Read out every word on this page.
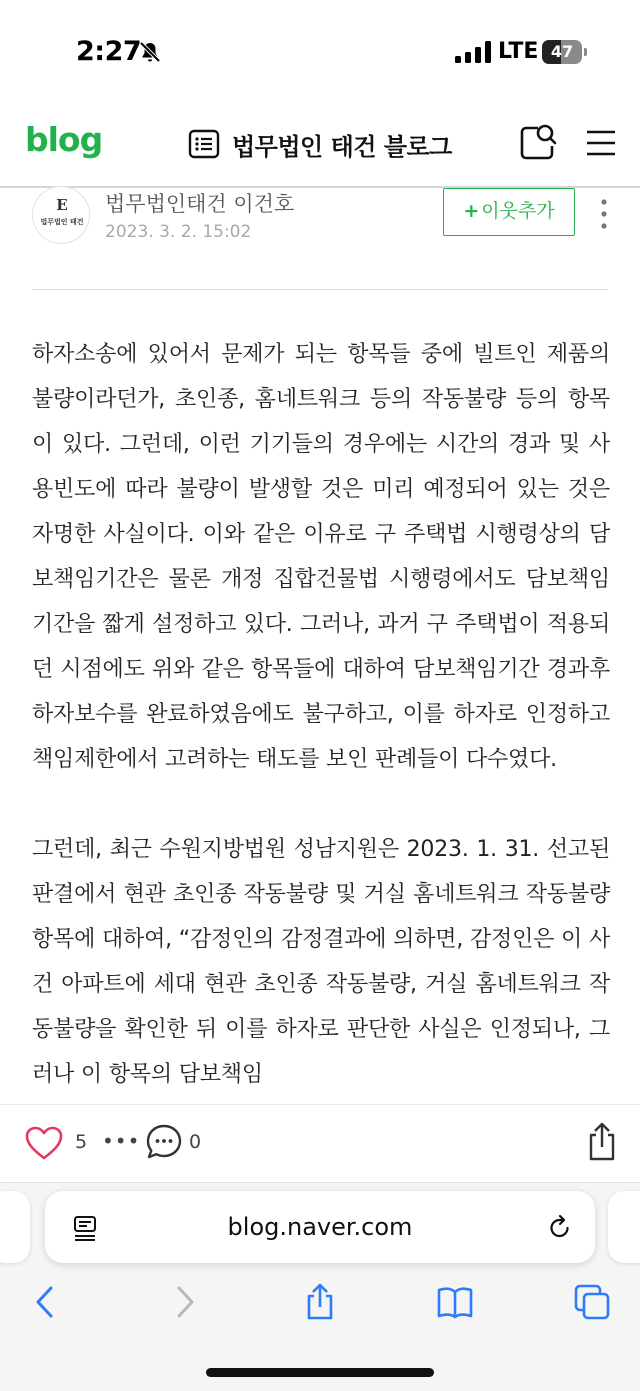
2:27	LTE 47
blog	법무법인 태건 블로그
E
법무법인 태건
법무법인태건 이건호
2023. 3. 2. 15:02
+ 이웃추가

하자소송에 있어서 문제가 되는 항목들 중에 빌트인 제품의 불량이라던가, 초인종, 홈네트워크 등의 작동불량 등의 항목이 있다. 그런데, 이런 기기들의 경우에는 시간의 경과 및 사용빈도에 따라 불량이 발생할 것은 미리 예정되어 있는 것은 자명한 사실이다. 이와 같은 이유로 구 주택법 시행령상의 담보책임기간은 물론 개정 집합건물법 시행령에서도 담보책임기간을 짧게 설정하고 있다. 그러나, 과거 구 주택법이 적용되던 시점에도 위와 같은 항목들에 대하여 담보책임기간 경과후 하자보수를 완료하였음에도 불구하고, 이를 하자로 인정하고 책임제한에서 고려하는 태도를 보인 판례들이 다수였다.

그런데, 최근 수원지방법원 성남지원은 2023. 1. 31. 선고된 판결에서 현관 초인종 작동불량 및 거실 홈네트워크 작동불량 항목에 대하여, “감정인의 감정결과에 의하면, 감정인은 이 사건 아파트에 세대 현관 초인종 작동불량, 거실 홈네트워크 작동불량을 확인한 뒤 이를 하자로 판단한 사실은 인정되나, 그러나 이 항목의 담보책임

5 •••	0
blog.naver.com
